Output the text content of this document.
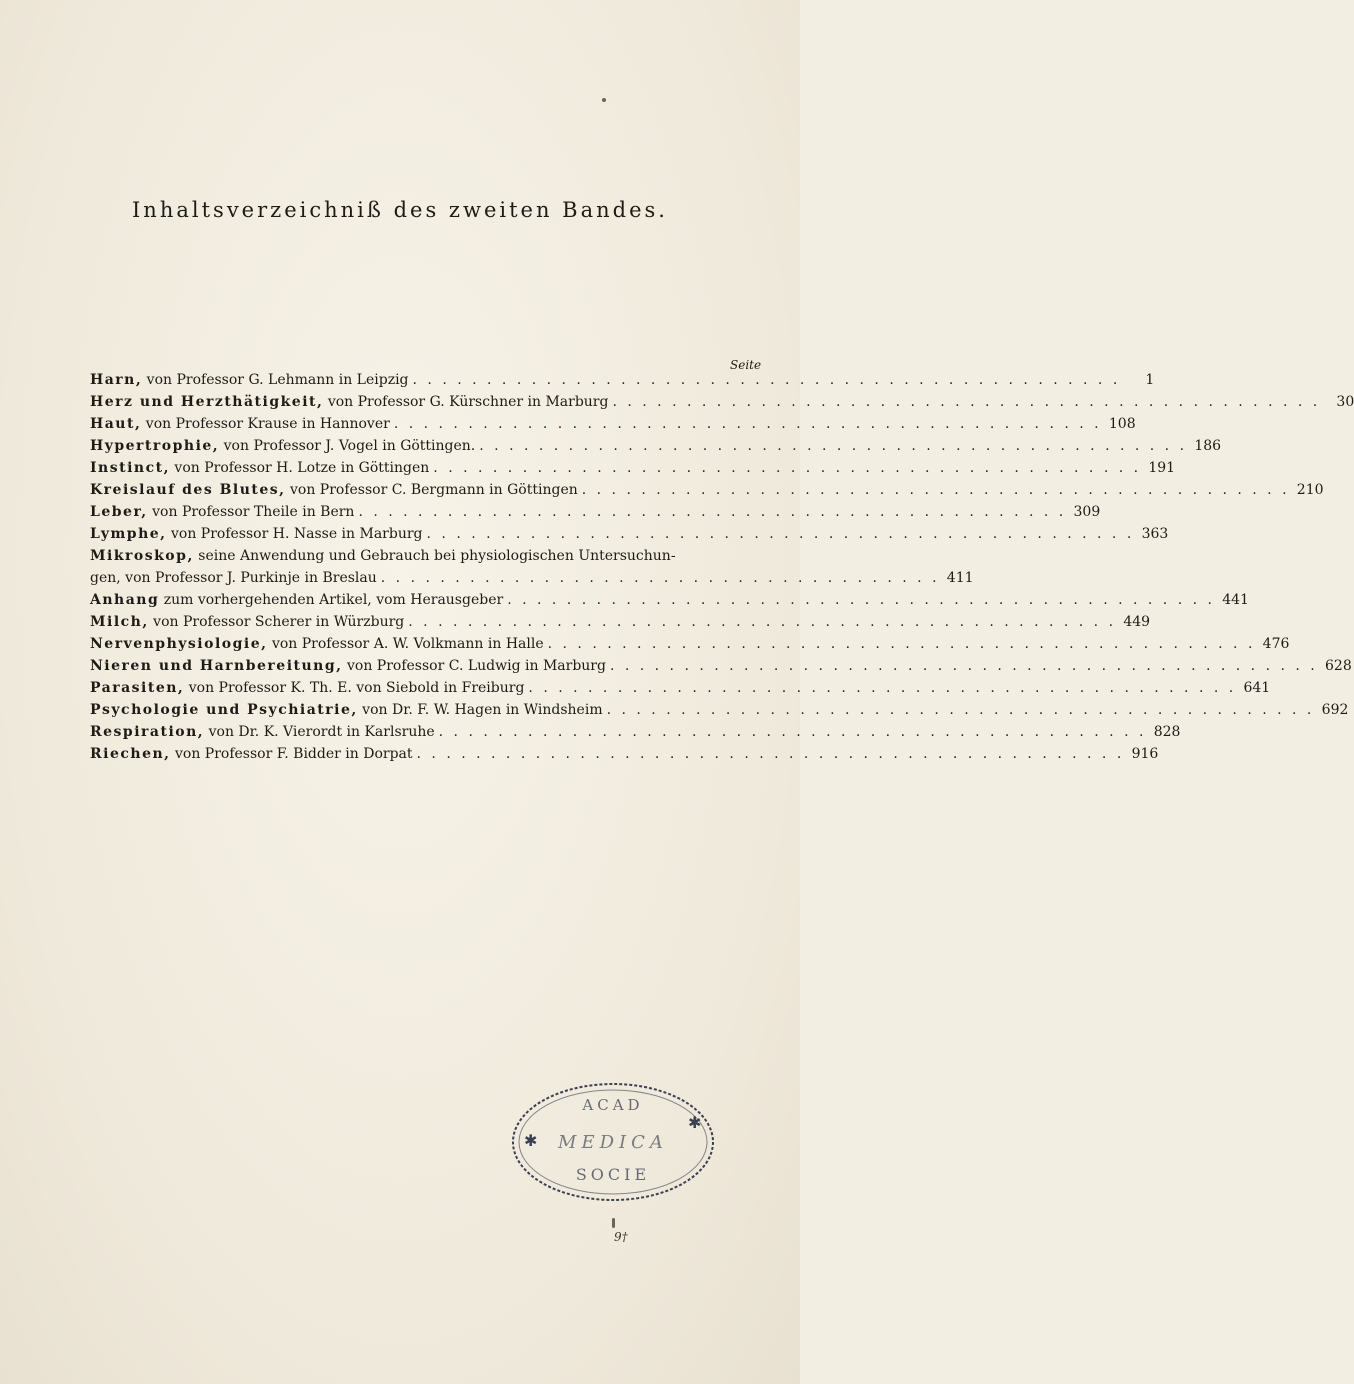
Inhaltsverzeichniß des zweiten Bandes.
Seite
Harn, von Professor G. Lehmann in Leipzig . . . . . . . . . . . . . . . . . . . . . . . . . . . . . . . . . . . . . . . . . . . . . . . .	1
Herz und Herzthätigkeit, von Professor G. Kürschner in Marburg . . . . . . . . . . . . . . . . . . . . . . . . . . . . . . . . . . . . . . . . . . . . . . . .	30
Haut, von Professor Krause in Hannover . . . . . . . . . . . . . . . . . . . . . . . . . . . . . . . . . . . . . . . . . . . . . . . . 108
Hypertrophie, von Professor J. Vogel in Göttingen. . . . . . . . . . . . . . . . . . . . . . . . . . . . . . . . . . . . . . . . . . . . . . . . . 186
Instinct, von Professor H. Lotze in Göttingen . . . . . . . . . . . . . . . . . . . . . . . . . . . . . . . . . . . . . . . . . . . . . . . . 191
Kreislauf des Blutes, von Professor C. Bergmann in Göttingen . . . . . . . . . . . . . . . . . . . . . . . . . . . . . . . . . . . . . . . . . . . . . . . . 210
Leber, von Professor Theile in Bern . . . . . . . . . . . . . . . . . . . . . . . . . . . . . . . . . . . . . . . . . . . . . . . . 309
Lymphe, von Professor H. Nasse in Marburg . . . . . . . . . . . . . . . . . . . . . . . . . . . . . . . . . . . . . . . . . . . . . . . . 363
Mikroskop, seine Anwendung und Gebrauch bei physiologischen Untersuchun-
gen, von Professor J. Purkinje in Breslau . . . . . . . . . . . . . . . . . . . . . . . . . . . . . . . . . . . . . . 411
Anhang zum vorhergehenden Artikel, vom Herausgeber . . . . . . . . . . . . . . . . . . . . . . . . . . . . . . . . . . . . . . . . . . . . . . . . 441
Milch, von Professor Scherer in Würzburg . . . . . . . . . . . . . . . . . . . . . . . . . . . . . . . . . . . . . . . . . . . . . . . . 449
Nervenphysiologie, von Professor A. W. Volkmann in Halle . . . . . . . . . . . . . . . . . . . . . . . . . . . . . . . . . . . . . . . . . . . . . . . . 476
Nieren und Harnbereitung, von Professor C. Ludwig in Marburg . . . . . . . . . . . . . . . . . . . . . . . . . . . . . . . . . . . . . . . . . . . . . . . . 628
Parasiten, von Professor K. Th. E. von Siebold in Freiburg . . . . . . . . . . . . . . . . . . . . . . . . . . . . . . . . . . . . . . . . . . . . . . . . 641
Psychologie und Psychiatrie, von Dr. F. W. Hagen in Windsheim . . . . . . . . . . . . . . . . . . . . . . . . . . . . . . . . . . . . . . . . . . . . . . . . 692
Respiration, von Dr. K. Vierordt in Karlsruhe . . . . . . . . . . . . . . . . . . . . . . . . . . . . . . . . . . . . . . . . . . . . . . . . 828
Riechen, von Professor F. Bidder in Dorpat . . . . . . . . . . . . . . . . . . . . . . . . . . . . . . . . . . . . . . . . . . . . . . . . 916
ACAD
MEDICA
SOCIE
✱
✱
9†
